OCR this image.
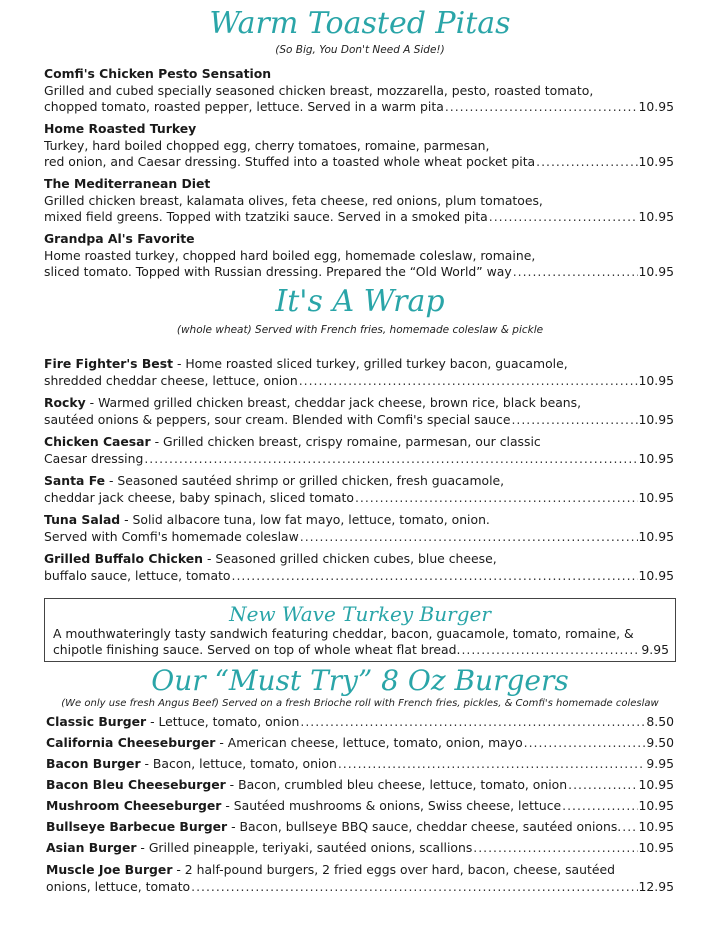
Warm Toasted Pitas
(So Big, You Don't Need A Side!)
Comfi's Chicken Pesto Sensation
Grilled and cubed specially seasoned chicken breast, mozzarella, pesto, roasted tomato,
chopped tomato, roasted pepper, lettuce. Served in a warm pita .....	10.95
Home Roasted Turkey
Turkey, hard boiled chopped egg, cherry tomatoes, romaine, parmesan,
red onion, and Caesar dressing. Stuffed into a toasted whole wheat pocket pita .....	10.95
The Mediterranean Diet
Grilled chicken breast, kalamata olives, feta cheese, red onions, plum tomatoes,
mixed field greens. Topped with tzatziki sauce. Served in a smoked pita .....	10.95
Grandpa Al's Favorite
Home roasted turkey, chopped hard boiled egg, homemade coleslaw, romaine,
sliced tomato. Topped with Russian dressing. Prepared the “Old World” way .....	10.95
It's A Wrap
(whole wheat) Served with French fries, homemade coleslaw & pickle
Fire Fighter's Best - Home roasted sliced turkey, grilled turkey bacon, guacamole,
shredded cheddar cheese, lettuce, onion .....	10.95
Rocky - Warmed grilled chicken breast, cheddar jack cheese, brown rice, black beans,
sautéed onions & peppers, sour cream. Blended with Comfi's special sauce .....	10.95
Chicken Caesar - Grilled chicken breast, crispy romaine, parmesan, our classic
Caesar dressing .....	10.95
Santa Fe - Seasoned sautéed shrimp or grilled chicken, fresh guacamole,
cheddar jack cheese, baby spinach, sliced tomato .....	10.95
Tuna Salad - Solid albacore tuna, low fat mayo, lettuce, tomato, onion.
Served with Comfi's homemade coleslaw .....	10.95
Grilled Buffalo Chicken - Seasoned grilled chicken cubes, blue cheese,
buffalo sauce, lettuce, tomato .....	10.95
New Wave Turkey Burger
A mouthwateringly tasty sandwich featuring cheddar, bacon, guacamole, tomato, romaine, &
chipotle finishing sauce. Served on top of whole wheat flat bread. .....	9.95
Our “Must Try” 8 Oz Burgers
(We only use fresh Angus Beef) Served on a fresh Brioche roll with French fries, pickles, & Comfi's homemade coleslaw
Classic Burger - Lettuce, tomato, onion .....	8.50
California Cheeseburger - American cheese, lettuce, tomato, onion, mayo .....	9.50
Bacon Burger - Bacon, lettuce, tomato, onion .....	9.95
Bacon Bleu Cheeseburger - Bacon, crumbled bleu cheese, lettuce, tomato, onion .....	10.95
Mushroom Cheeseburger - Sautéed mushrooms & onions, Swiss cheese, lettuce .....	10.95
Bullseye Barbecue Burger - Bacon, bullseye BBQ sauce, cheddar cheese, sautéed onions. ..... 10.95
Asian Burger - Grilled pineapple, teriyaki, sautéed onions, scallions .....	10.95
Muscle Joe Burger - 2 half-pound burgers, 2 fried eggs over hard, bacon, cheese, sautéed
onions, lettuce, tomato .....	12.95
